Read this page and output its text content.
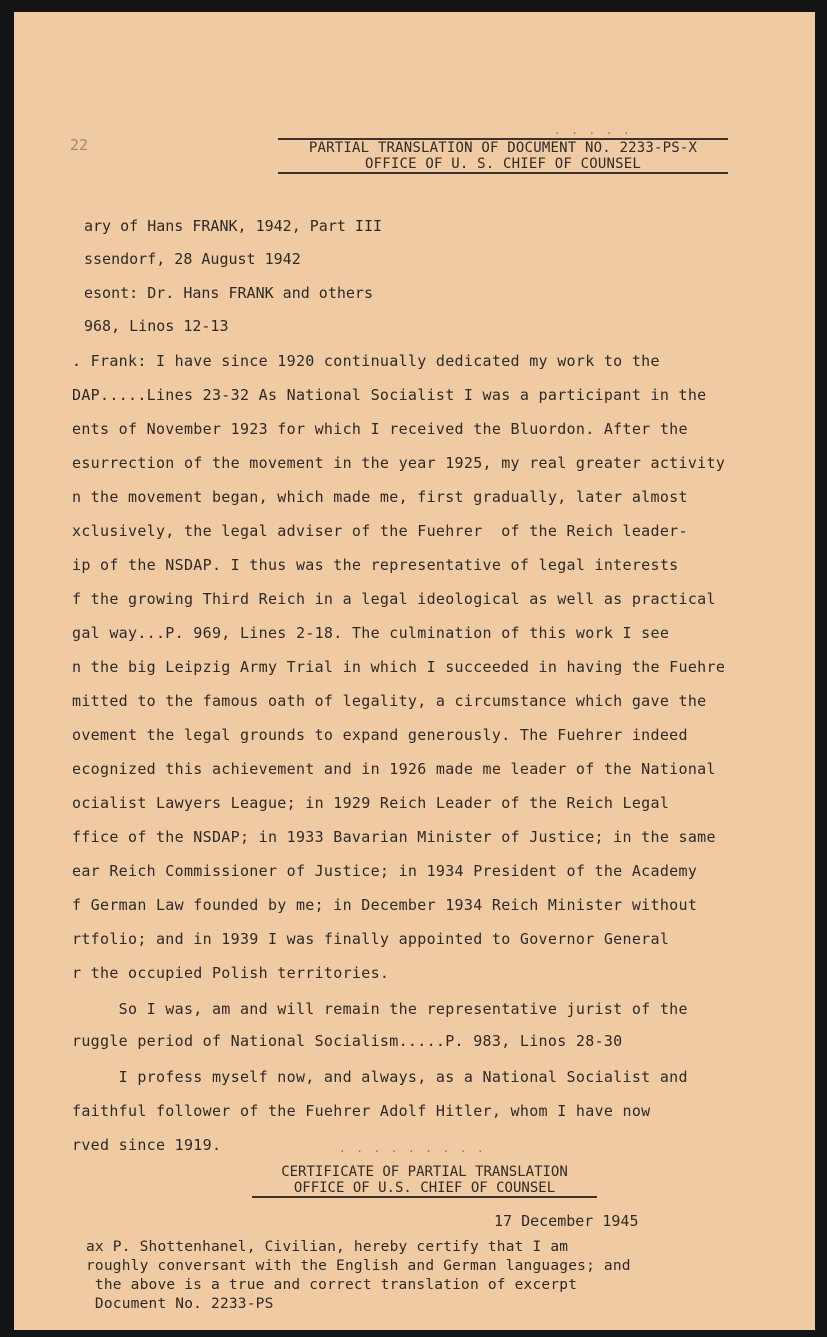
22	PARTIAL TRANSLATION OF DOCUMENT NO. 2233-PS-X
OFFICE OF U. S. CHIEF OF COUNSEL
. . . . .
ary of Hans FRANK, 1942, Part III
ssendorf, 28 August 1942
esont: Dr. Hans FRANK and others
968, Linos 12-13
. Frank: I have since 1920 continually dedicated my work to the
DAP.....Lines 23-32 As National Socialist I was a participant in the
ents of November 1923 for which I received the Bluordon. After the
esurrection of the movement in the year 1925, my real greater activity
n the movement began, which made me, first gradually, later almost
xclusively, the legal adviser of the Fuehrer  of the Reich leader-
ip of the NSDAP. I thus was the representative of legal interests
f the growing Third Reich in a legal ideological as well as practical
gal way...P. 969, Lines 2-18. The culmination of this work I see
n the big Leipzig Army Trial in which I succeeded in having the Fuehre
mitted to the famous oath of legality, a circumstance which gave the
ovement the legal grounds to expand generously. The Fuehrer indeed
ecognized this achievement and in 1926 made me leader of the National
ocialist Lawyers League; in 1929 Reich Leader of the Reich Legal
ffice of the NSDAP; in 1933 Bavarian Minister of Justice; in the same
ear Reich Commissioner of Justice; in 1934 President of the Academy
f German Law founded by me; in December 1934 Reich Minister without
rtfolio; and in 1939 I was finally appointed to Governor General
r the occupied Polish territories.
So I was, am and will remain the representative jurist of the
ruggle period of National Socialism.....P. 983, Linos 28-30
I profess myself now, and always, as a National Socialist and
faithful follower of the Fuehrer Adolf Hitler, whom I have now
rved since 1919.	. . . . . . . . .
CERTIFICATE OF PARTIAL TRANSLATION
OFFICE OF U.S. CHIEF OF COUNSEL
17 December 1945
ax P. Shottenhanel, Civilian, hereby certify that I am
roughly conversant with the English and German languages; and
the above is a true and correct translation of excerpt
Document No. 2233-PS
